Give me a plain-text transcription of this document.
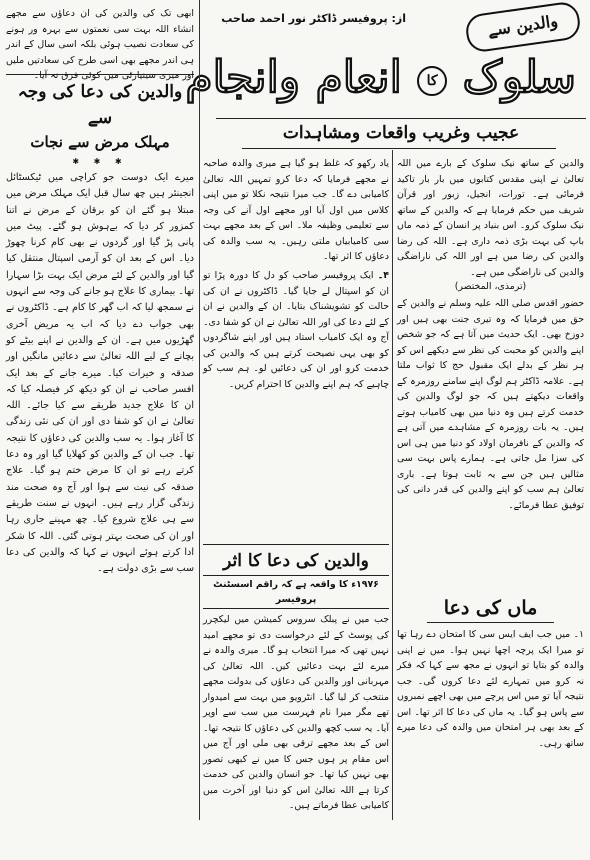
از: پروفیسر ڈاکٹر نور احمد صاحب	والدین سے
سلوک کا انعام وانجام
عجیب وغریب واقعات ومشاہدات

ابھی تک کی والدین کی ان دعاؤں سے مجھے انشاء اللہ بہت سی نعمتوں سے بہرہ ور ہونے کی سعادت نصیب ہوئی بلکہ اسی سال کے اندر ہی اندر مجھے بھی اسی طرح کی سعادتیں ملیں اور میری سینیارٹی میں کوئی فرق نہ آیا۔

والدین کی دعا کی وجہ سے
مہلک مرض سے نجات
✱ ✱ ✱

میرے ایک دوست جو کراچی میں ٹیکسٹائل انجینئر ہیں چھ سال قبل ایک مہلک مرض میں مبتلا ہو گئے ان کو برقان کے مرض نے اتنا کمزور کر دیا کہ بےہوش ہو گئے۔ پیٹ میں پانی پڑ گیا اور گردوں نے بھی کام کرنا چھوڑ دیا۔ اس کے بعد ان کو آرمی اسپتال منتقل کیا گیا اور والدین کے لئے مرض ایک بہت بڑا سہارا تھا۔ بیماری کا علاج ہو جانے کی وجہ سے انہوں نے سمجھ لیا کہ اب گھر کا کام ہے۔ ڈاکٹروں نے بھی جواب دے دیا کہ اب یہ مریض آخری گھڑیوں میں ہے۔ ان کے والدین نے اپنے بیٹے کو بچانے کے لیے اللہ تعالیٰ سے دعائیں مانگیں اور صدقہ و خیرات کیا۔ میرے جانے کے بعد ایک افسر صاحب نے ان کو دیکھ کر فیصلہ کیا کہ ان کا علاج جدید طریقے سے کیا جائے۔ اللہ تعالیٰ نے ان کو شفا دی اور ان کی نئی زندگی کا آغاز ہوا۔ یہ سب والدین کی دعاؤں کا نتیجہ تھا۔ جب ان کے والدین کو کھلایا گیا اور وہ دعا کرتے رہے تو ان کا مرض ختم ہو گیا۔ علاج صدقہ کی نیت سے ہوا اور آج وہ صحت مند زندگی گزار رہے ہیں۔ انہوں نے سنت طریقے سے ہی علاج شروع کیا۔ چھ مہینے جاری رہا اور ان کی صحت بہتر ہوتی گئی۔ اللہ کا شکر ادا کرتے ہوئے انہوں نے کہا کہ والدین کی دعا سب سے بڑی دولت ہے۔

یاد رکھو کہ غلط ہو گیا ہے میری والدہ صاحبہ نے مجھے فرمایا کہ دعا کرو تمہیں اللہ تعالیٰ کامیابی دے گا۔ جب میرا نتیجہ نکلا تو میں اپنی کلاس میں اول آیا اور مجھے اول آنے کی وجہ سے تعلیمی وظیفہ ملا۔ اس کے بعد مجھے بہت سی کامیابیاں ملتی رہیں۔ یہ سب والدہ کی دعاؤں کا اثر تھا۔

۴۔ ایک پروفیسر صاحب کو دل کا دورہ پڑا تو ان کو اسپتال لے جایا گیا۔ ڈاکٹروں نے ان کی حالت کو تشویشناک بتایا۔ ان کے والدین نے ان کے لئے دعا کی اور اللہ تعالیٰ نے ان کو شفا دی۔ آج وہ ایک کامیاب استاد ہیں اور اپنے شاگردوں کو بھی یہی نصیحت کرتے ہیں کہ والدین کی خدمت کرو اور ان کی دعائیں لو۔ ہم سب کو چاہیے کہ ہم اپنے والدین کا احترام کریں۔

والدین کی دعا کا اثر
۱۹۷۶ء کا واقعہ ہے کہ راقم اسسٹنٹ پروفیسر

جب میں نے پبلک سروس کمیشن میں لیکچرر کی پوسٹ کے لئے درخواست دی تو مجھے امید نہیں تھی کہ میرا انتخاب ہو گا۔ میری والدہ نے میرے لئے بہت دعائیں کیں۔ اللہ تعالیٰ کی مہربانی اور والدین کی دعاؤں کی بدولت مجھے منتخب کر لیا گیا۔ انٹرویو میں بہت سے امیدوار تھے مگر میرا نام فہرست میں سب سے اوپر آیا۔ یہ سب کچھ والدین کی دعاؤں کا نتیجہ تھا۔ اس کے بعد مجھے ترقی بھی ملی اور آج میں اس مقام پر ہوں جس کا میں نے کبھی تصور بھی نہیں کیا تھا۔ جو انسان والدین کی خدمت کرتا ہے اللہ تعالیٰ اس کو دنیا اور آخرت میں کامیابی عطا فرماتے ہیں۔

والدین کے ساتھ نیک سلوک کے بارے میں اللہ تعالیٰ نے اپنی مقدس کتابوں میں بار بار تاکید فرمائی ہے۔ تورات، انجیل، زبور اور قرآن شریف میں حکم فرمایا ہے کہ والدین کے ساتھ نیک سلوک کرو۔ اس بنیاد پر انسان کے ذمہ ماں باپ کی بہت بڑی ذمہ داری ہے۔ اللہ کی رضا والدین کی رضا میں ہے اور اللہ کی ناراضگی والدین کی ناراضگی میں ہے۔

(ترمذی، المختصر)

حضور اقدس صلی اللہ علیہ وسلم نے والدین کے حق میں فرمایا کہ وہ تیری جنت بھی ہیں اور دوزخ بھی۔ ایک حدیث میں آتا ہے کہ جو شخص اپنے والدین کو محبت کی نظر سے دیکھے اس کو ہر نظر کے بدلے ایک مقبول حج کا ثواب ملتا ہے۔ علامہ ڈاکٹر ہم لوگ اپنے سامنے روزمرہ کے واقعات دیکھتے ہیں کہ جو لوگ والدین کی خدمت کرتے ہیں وہ دنیا میں بھی کامیاب ہوتے ہیں۔ یہ بات روزمرہ کے مشاہدے میں آتی ہے کہ والدین کے نافرمان اولاد کو دنیا میں ہی اس کی سزا مل جاتی ہے۔ ہمارے پاس بہت سی مثالیں ہیں جن سے یہ ثابت ہوتا ہے۔ باری تعالیٰ ہم سب کو اپنے والدین کی قدر دانی کی توفیق عطا فرمائے۔

ماں کی دعا

۱۔ میں جب ایف ایس سی کا امتحان دے رہا تھا تو میرا ایک پرچہ اچھا نہیں ہوا۔ میں نے اپنی والدہ کو بتایا تو انہوں نے مجھ سے کہا کہ فکر نہ کرو میں تمہارے لئے دعا کروں گی۔ جب نتیجہ آیا تو میں اس پرچے میں بھی اچھے نمبروں سے پاس ہو گیا۔ یہ ماں کی دعا کا اثر تھا۔ اس کے بعد بھی ہر امتحان میں والدہ کی دعا میرے ساتھ رہی۔
